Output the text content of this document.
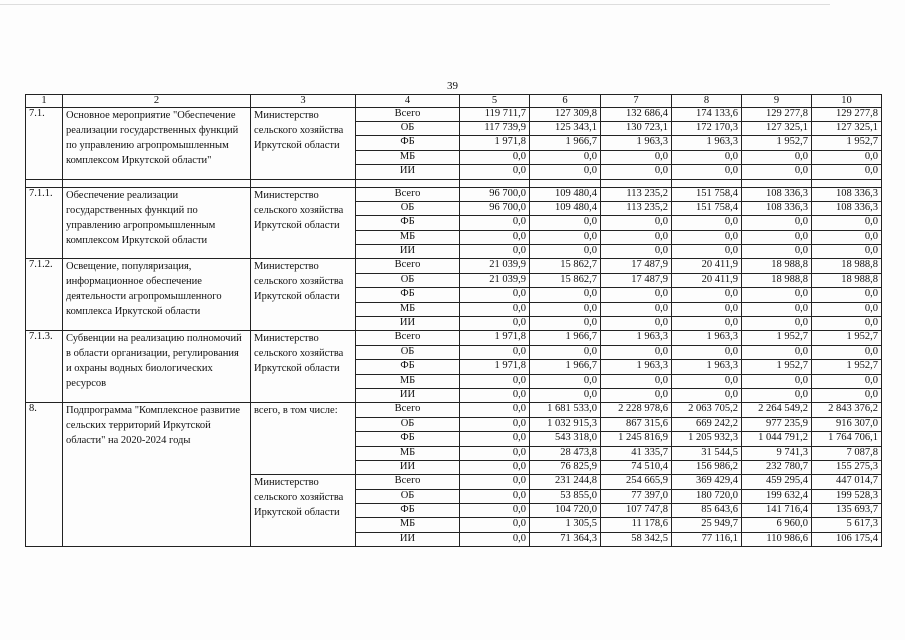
39
1	2	3	4	5	6	7	8	9	10
7.1.	Основное мероприятие "Обеспечение реализации государственных функций по управлению агропромышленным комплексом Иркутской области"	Министерство сельского хозяйства Иркутской области	Всего	119 711,7	127 309,8	132 686,4	174 133,6	129 277,8	129 277,8
			ОБ	117 739,9	125 343,1	130 723,1	172 170,3	127 325,1	127 325,1
			ФБ	1 971,8	1 966,7	1 963,3	1 963,3	1 952,7	1 952,7
			МБ	0,0	0,0	0,0	0,0	0,0	0,0
			ИИ	0,0	0,0	0,0	0,0	0,0	0,0

7.1.1.	Обеспечение реализации государственных функций по управлению агропромышленным комплексом Иркутской области	Министерство сельского хозяйства Иркутской области	Всего	96 700,0	109 480,4	113 235,2	151 758,4	108 336,3	108 336,3
			ОБ	96 700,0	109 480,4	113 235,2	151 758,4	108 336,3	108 336,3
			ФБ	0,0	0,0	0,0	0,0	0,0	0,0
			МБ	0,0	0,0	0,0	0,0	0,0	0,0
			ИИ	0,0	0,0	0,0	0,0	0,0	0,0
7.1.2.	Освещение, популяризация, информационное обеспечение деятельности агропромышленного комплекса Иркутской области	Министерство сельского хозяйства Иркутской области	Всего	21 039,9	15 862,7	17 487,9	20 411,9	18 988,8	18 988,8
			ОБ	21 039,9	15 862,7	17 487,9	20 411,9	18 988,8	18 988,8
			ФБ	0,0	0,0	0,0	0,0	0,0	0,0
			МБ	0,0	0,0	0,0	0,0	0,0	0,0
			ИИ	0,0	0,0	0,0	0,0	0,0	0,0
7.1.3.	Субвенции на реализацию полномочий в области организации, регулирования и охраны водных биологических ресурсов	Министерство сельского хозяйства Иркутской области	Всего	1 971,8	1 966,7	1 963,3	1 963,3	1 952,7	1 952,7
			ОБ	0,0	0,0	0,0	0,0	0,0	0,0
			ФБ	1 971,8	1 966,7	1 963,3	1 963,3	1 952,7	1 952,7
			МБ	0,0	0,0	0,0	0,0	0,0	0,0
			ИИ	0,0	0,0	0,0	0,0	0,0	0,0
8.	Подпрограмма "Комплексное развитие сельских территорий Иркутской области" на 2020-2024 годы	всего, в том числе:	Всего	0,0	1 681 533,0	2 228 978,6	2 063 705,2	2 264 549,2	2 843 376,2
			ОБ	0,0	1 032 915,3	867 315,6	669 242,2	977 235,9	916 307,0
			ФБ	0,0	543 318,0	1 245 816,9	1 205 932,3	1 044 791,2	1 764 706,1
			МБ	0,0	28 473,8	41 335,7	31 544,5	9 741,3	7 087,8
			ИИ	0,0	76 825,9	74 510,4	156 986,2	232 780,7	155 275,3
		Министерство сельского хозяйства Иркутской области	Всего	0,0	231 244,8	254 665,9	369 429,4	459 295,4	447 014,7
			ОБ	0,0	53 855,0	77 397,0	180 720,0	199 632,4	199 528,3
			ФБ	0,0	104 720,0	107 747,8	85 643,6	141 716,4	135 693,7
			МБ	0,0	1 305,5	11 178,6	25 949,7	6 960,0	5 617,3
			ИИ	0,0	71 364,3	58 342,5	77 116,1	110 986,6	106 175,4
